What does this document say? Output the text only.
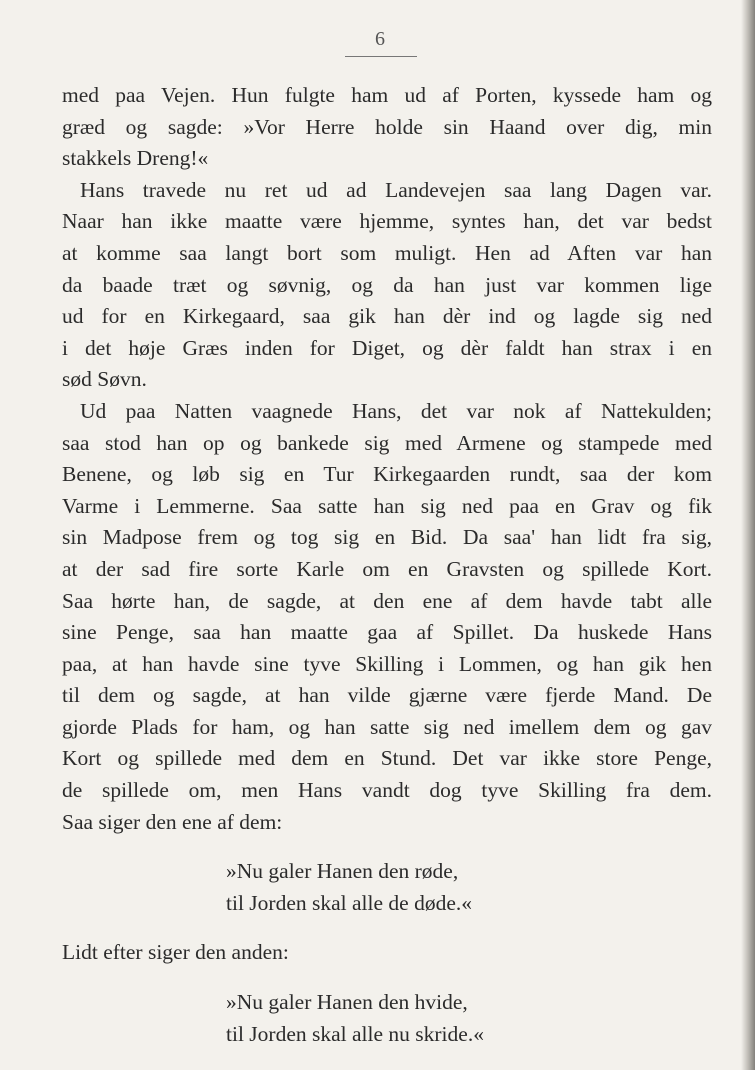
6
med paa Vejen. Hun fulgte ham ud af Porten, kyssede ham og
græd og sagde: »Vor Herre holde sin Haand over dig, min
stakkels Dreng!«
Hans travede nu ret ud ad Landevejen saa lang Dagen var.
Naar han ikke maatte være hjemme, syntes han, det var bedst
at komme saa langt bort som muligt. Hen ad Aften var han
da baade træt og søvnig, og da han just var kommen lige
ud for en Kirkegaard, saa gik han dèr ind og lagde sig ned
i det høje Græs inden for Diget, og dèr faldt han strax i en
sød Søvn.
Ud paa Natten vaagnede Hans, det var nok af Nattekulden;
saa stod han op og bankede sig med Armene og stampede med
Benene, og løb sig en Tur Kirkegaarden rundt, saa der kom
Varme i Lemmerne. Saa satte han sig ned paa en Grav og fik
sin Madpose frem og tog sig en Bid. Da saa' han lidt fra sig,
at der sad fire sorte Karle om en Gravsten og spillede Kort.
Saa hørte han, de sagde, at den ene af dem havde tabt alle
sine Penge, saa han maatte gaa af Spillet. Da huskede Hans
paa, at han havde sine tyve Skilling i Lommen, og han gik hen
til dem og sagde, at han vilde gjærne være fjerde Mand. De
gjorde Plads for ham, og han satte sig ned imellem dem og gav
Kort og spillede med dem en Stund. Det var ikke store Penge,
de spillede om, men Hans vandt dog tyve Skilling fra dem.
Saa siger den ene af dem:
»Nu galer Hanen den røde,
til Jorden skal alle de døde.«
Lidt efter siger den anden:
»Nu galer Hanen den hvide,
til Jorden skal alle nu skride.«
